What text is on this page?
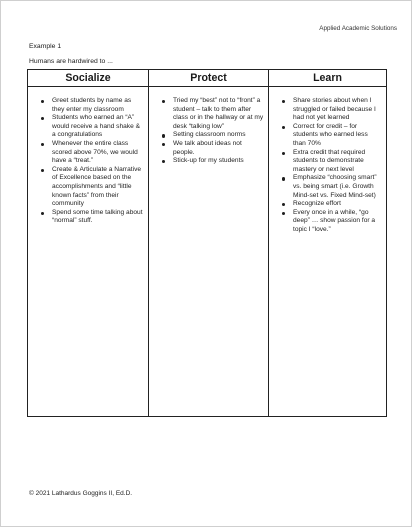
Applied Academic Solutions
Example 1
Humans are hardwired to ...
Socialize	Protect	Learn
Greet students by name as they enter my classroom
Students who earned an “A” would receive a hand shake & a congratulations
Whenever the entire class scored above 70%, we would have a “treat.”
Create & Articulate a Narrative of Excellence based on the accomplishments and “little known facts” from their community
Spend some time talking about “normal” stuff.
Tried my “best” not to “front” a student – talk to them after class or in the hallway or at my desk “talking low”
Setting classroom norms
We talk about ideas not people.
Stick-up for my students
Share stories about when I struggled or failed because I had not yet learned
Correct for credit – for students who earned less than 70%
Extra credit that required students to demonstrate mastery or next level
Emphasize “choosing smart” vs. being smart (i.e. Growth Mind-set vs. Fixed Mind-set)
Recognize effort
Every once in a while, “go deep” … show passion for a topic I “love.”
© 2021 Lathardus Goggins II, Ed.D.
